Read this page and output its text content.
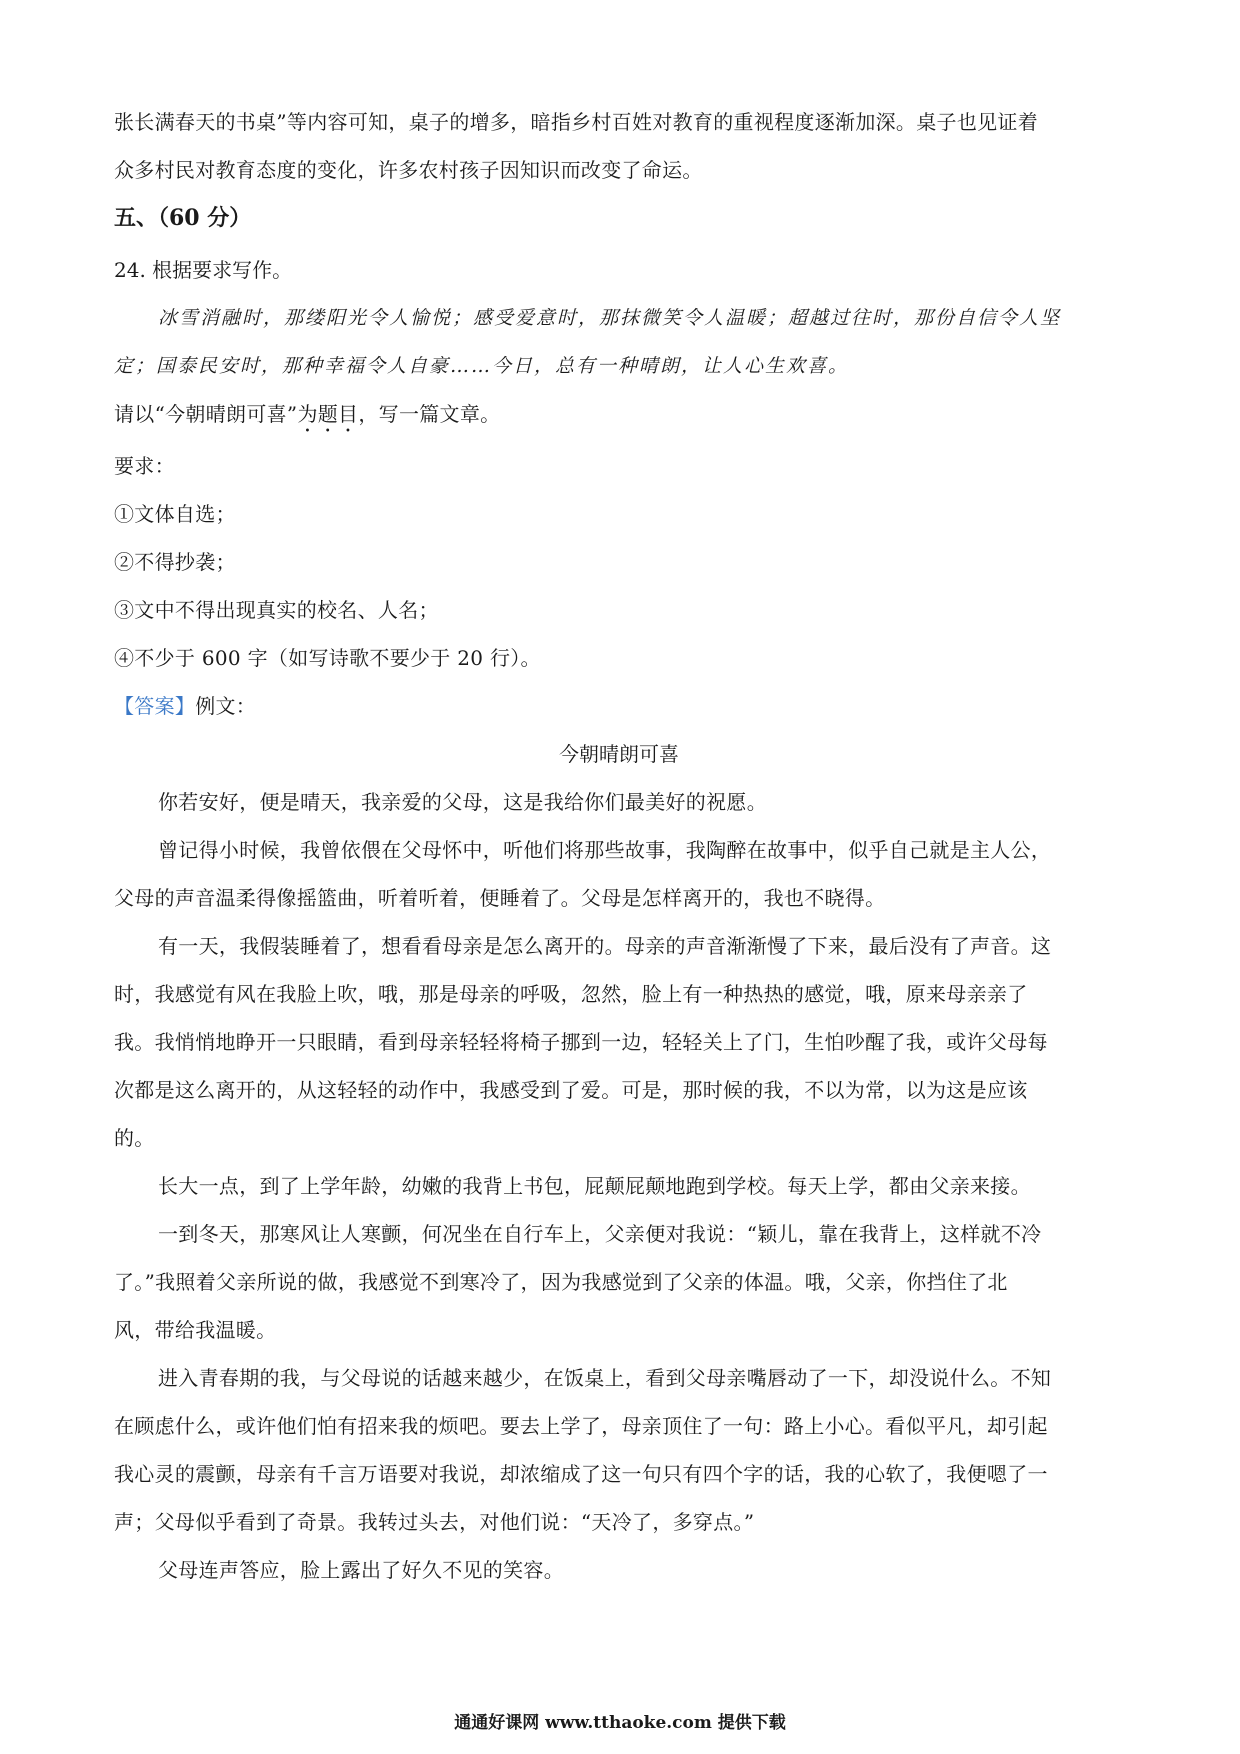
张长满春天的书桌”等内容可知，桌子的增多，暗指乡村百姓对教育的重视程度逐渐加深。桌子也见证着
众多村民对教育态度的变化，许多农村孩子因知识而改变了命运。
五、（60 分）
24. 根据要求写作。
冰雪消融时，那缕阳光令人愉悦；感受爱意时，那抹微笑令人温暖；超越过往时，那份自信令人坚
定；国泰民安时，那种幸福令人自豪……今日，总有一种晴朗，让人心生欢喜。
请以“今朝晴朗可喜”为题目，写一篇文章。
要求：
①文体自选；
②不得抄袭；
③文中不得出现真实的校名、人名；
④不少于 600 字（如写诗歌不要少于 20 行）。
【答案】例文：
今朝晴朗可喜
你若安好，便是晴天，我亲爱的父母，这是我给你们最美好的祝愿。
曾记得小时候，我曾依偎在父母怀中，听他们将那些故事，我陶醉在故事中，似乎自己就是主人公，
父母的声音温柔得像摇篮曲，听着听着，便睡着了。父母是怎样离开的，我也不晓得。
有一天，我假装睡着了，想看看母亲是怎么离开的。母亲的声音渐渐慢了下来，最后没有了声音。这
时，我感觉有风在我脸上吹，哦，那是母亲的呼吸，忽然，脸上有一种热热的感觉，哦，原来母亲亲了
我。我悄悄地睁开一只眼睛，看到母亲轻轻将椅子挪到一边，轻轻关上了门，生怕吵醒了我，或许父母每
次都是这么离开的，从这轻轻的动作中，我感受到了爱。可是，那时候的我，不以为常，以为这是应该
的。
长大一点，到了上学年龄，幼嫩的我背上书包，屁颠屁颠地跑到学校。每天上学，都由父亲来接。
一到冬天，那寒风让人寒颤，何况坐在自行车上，父亲便对我说：“颖儿，靠在我背上，这样就不冷
了。”我照着父亲所说的做，我感觉不到寒冷了，因为我感觉到了父亲的体温。哦，父亲，你挡住了北
风，带给我温暖。
进入青春期的我，与父母说的话越来越少，在饭桌上，看到父母亲嘴唇动了一下，却没说什么。不知
在顾虑什么，或许他们怕有招来我的烦吧。要去上学了，母亲顶住了一句：路上小心。看似平凡，却引起
我心灵的震颤，母亲有千言万语要对我说，却浓缩成了这一句只有四个字的话，我的心软了，我便嗯了一
声；父母似乎看到了奇景。我转过头去，对他们说：“天冷了，多穿点。”
父母连声答应，脸上露出了好久不见的笑容。
通通好课网 www.tthaoke.com 提供下载
